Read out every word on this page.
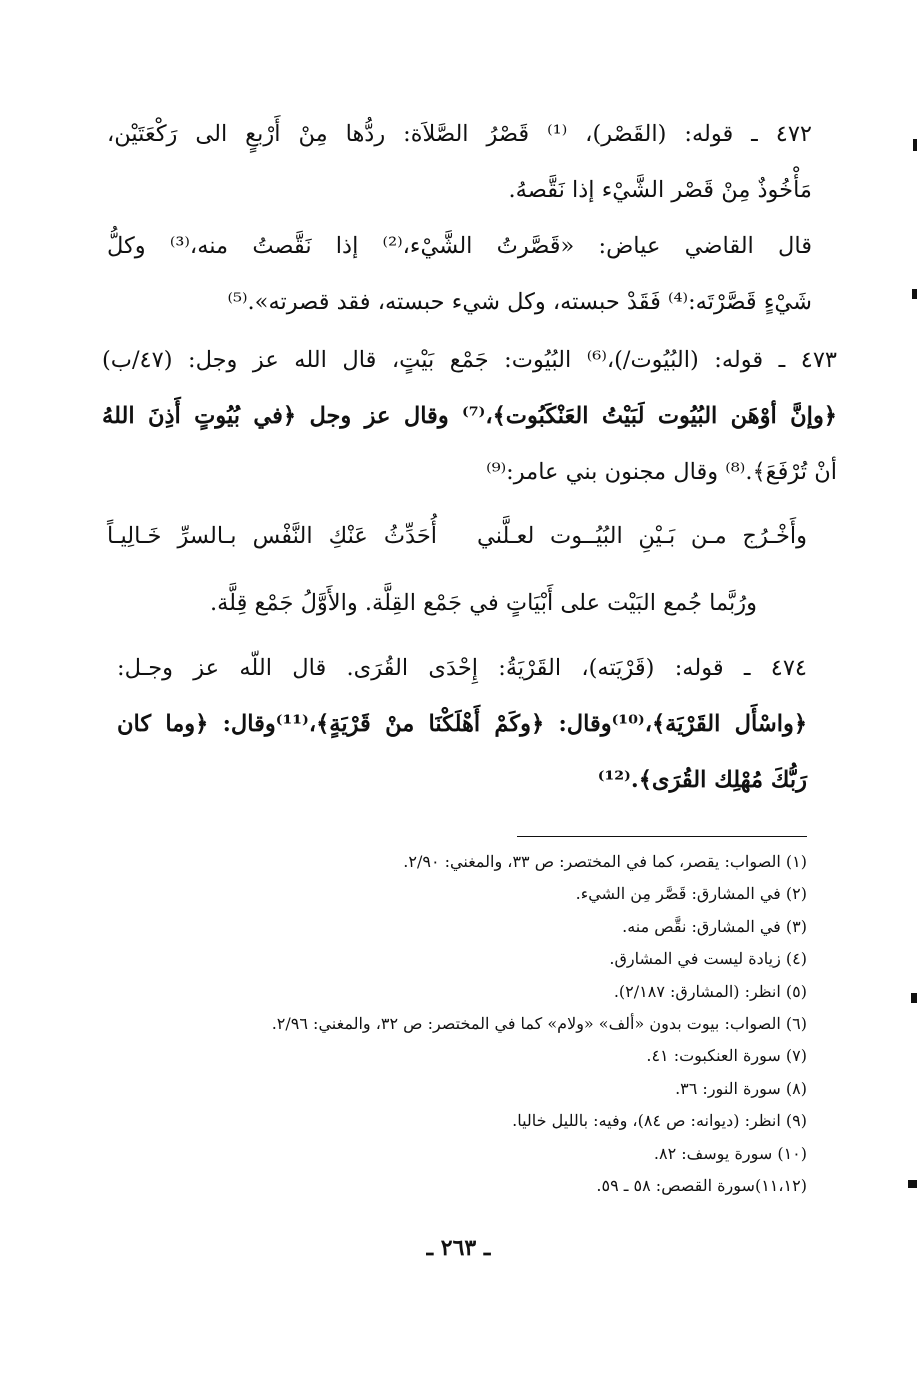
٤٧٢ ـ قوله: (القَصْر)، ⁽¹⁾ قَصْرُ الصَّلاَة: ردُّها مِنْ أَرْبعٍ الى رَكْعَتَيْن،
مَأْخُوذٌ مِنْ قَصْر الشَّيْء إذا نَقَّصهُ.
قال القاضي عياض: «قَصَّرتُ الشَّيْء،⁽²⁾ إذا نَقَّصتُ منه،⁽³⁾ وكلُّ
شَيْءٍ قَصَّرْتَه:⁽⁴⁾ فَقَدْ حبسته، وكل شيء حبسته، فقد قصرته».⁽⁵⁾
٤٧٣ ـ قوله: (البُيُوت/)،⁽⁶⁾ البُيُوت: جَمْع بَيْتٍ، قال الله عز وجل: (٤٧/ب)
﴿وإنَّ أوْهَن البُيُوت لَبَيْتُ العَنْكَبُوت﴾،⁽⁷⁾ وقال عز وجل ﴿في بُيُوتٍ أَذِنَ اللهُ
أنْ تُرْفَعَ﴾.⁽⁸⁾ وقال مجنون بني عامر:⁽⁹⁾
وأَخْـرُج مـن بَـيْنِ البُيُــوت لعـلَّني
أُحَدِّثُ عَنْكِ النَّفْس بـالسرِّ خَـالِيـاً
ورُبَّما جُمع البَيْت على أَبْيَاتٍ في جَمْع القِلَّة. والأَوَّلُ جَمْع قِلَّة.
٤٧٤ ـ قوله: (قَرْيَته)، القَرْيَةُ: إِحْدَى القُرَى. قال اللّه عز وجـل:
﴿واسْأَل القَرْيَة﴾،⁽¹⁰⁾وقال: ﴿وكَمْ أَهْلَكْنَا منْ قَرْيَةٍ﴾،⁽¹¹⁾وقال: ﴿وما كان
رَبُّكَ مُهْلِك القُرَى﴾.⁽¹²⁾
(١) الصواب: يقصر، كما في المختصر: ص ٣٣، والمغني: ٢/٩٠.
(٢) في المشارق: قَصَّر مِن الشيء.
(٣) في المشارق: نقَّص منه.
(٤) زيادة ليست في المشارق.
(٥) انظر: (المشارق: ٢/١٨٧).
(٦) الصواب: بيوت بدون «ألف» «ولام» كما في المختصر: ص ٣٢، والمغني: ٢/٩٦.
(٧) سورة العنكبوت: ٤١.
(٨) سورة النور: ٣٦.
(٩) انظر: (ديوانه: ص ٨٤)، وفيه: بالليل خاليا.
(١٠) سورة يوسف: ٨٢.
(١١،١٢)سورة القصص: ٥٨ ـ ٥٩.
ـ ٢٦٣ ـ
